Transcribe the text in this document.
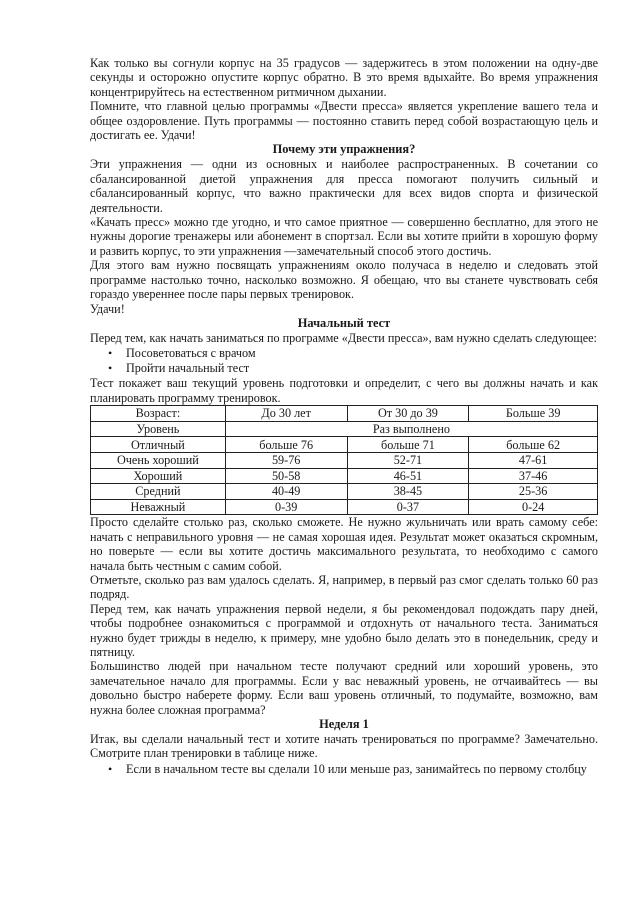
Как только вы согнули корпус на 35 градусов — задержитесь в этом положении на одну-две секунды и осторожно опустите корпус обратно. В это время вдыхайте. Во время упражнения концентрируйтесь на естественном ритмичном дыхании.

Помните, что главной целью программы «Двести пресса» является укрепление вашего тела и общее оздоровление. Путь программы — постоянно ставить перед собой возрастающую цель и достигать ее. Удачи!

Почему эти упражнения?

Эти упражнения — одни из основных и наиболее распространенных. В сочетании со сбалансированной диетой упражнения для пресса помогают получить сильный и сбалансированный корпус, что важно практически для всех видов спорта и физической деятельности.

«Качать пресс» можно где угодно, и что самое приятное — совершенно бесплатно, для этого не нужны дорогие тренажеры или абонемент в спортзал. Если вы хотите прийти в хорошую форму и развить корпус, то эти упражнения —замечательный способ этого достичь.

Для этого вам нужно посвящать упражнениям около получаса в неделю и следовать этой программе настолько точно, насколько возможно. Я обещаю, что вы станете чувствовать себя гораздо увереннее после пары первых тренировок.

Удачи!

Начальный тест

Перед тем, как начать заниматься по программе «Двести пресса», вам нужно сделать следующее:

• Посоветоваться с врачом
• Пройти начальный тест

Тест покажет ваш текущий уровень подготовки и определит, с чего вы должны начать и как планировать программу тренировок.

Возраст:	До 30 лет	От 30 до 39	Больше 39
Уровень	Раз выполнено		
Отличный	больше 76	больше 71	больше 62
Очень хороший	59-76	52-71	47-61
Хороший	50-58	46-51	37-46
Средний	40-49	38-45	25-36
Неважный	0-39	0-37	0-24

Просто сделайте столько раз, сколько сможете. Не нужно жульничать или врать самому себе: начать с неправильного уровня — не самая хорошая идея. Результат может оказаться скромным, но поверьте — если вы хотите достичь максимального результата, то необходимо с самого начала быть честным с самим собой.

Отметьте, сколько раз вам удалось сделать. Я, например, в первый раз смог сделать только 60 раз подряд.

Перед тем, как начать упражнения первой недели, я бы рекомендовал подождать пару дней, чтобы подробнее ознакомиться с программой и отдохнуть от начального теста. Заниматься нужно будет трижды в неделю, к примеру, мне удобно было делать это в понедельник, среду и пятницу.

Большинство людей при начальном тесте получают средний или хороший уровень, это замечательное начало для программы. Если у вас неважный уровень, не отчаивайтесь — вы довольно быстро наберете форму. Если ваш уровень отличный, то подумайте, возможно, вам нужна более сложная программа?

Неделя 1

Итак, вы сделали начальный тест и хотите начать тренироваться по программе? Замечательно. Смотрите план тренировки в таблице ниже.

• Если в начальном тесте вы сделали 10 или меньше раз, занимайтесь по первому столбцу
